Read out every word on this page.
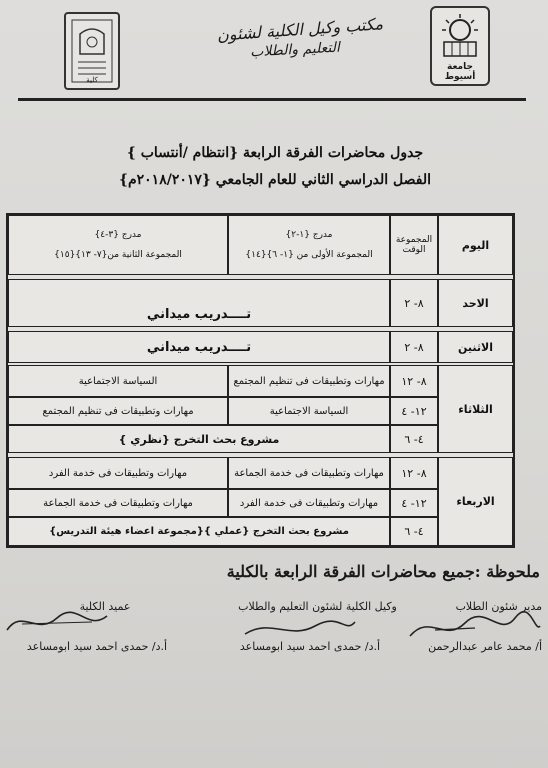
جامعة أسيوط
كلية
مكتب وكيل الكلية لشئون
التعليم والطلاب
جدول محاضرات الفرقة الرابعة {انتظام /أنتساب }
الفصل الدراسي الثاني للعام الجامعي {٢٠١٨/٢٠١٧م}
اليوم
المجموعة
الوقت
مدرج {١-٢}
المجموعة الأولى من {١- ٦}{١٤}
مدرج {٣-٤}
المجموعة الثانية من{٧- ١٣}{١٥}
الاحد
٨- ٢
تــــدريب ميداني
الاثنين
٨- ٢
تــــدريب ميداني
الثلاثاء
٨- ١٢
مهارات وتطبيقات فى تنظيم المجتمع
السياسة الاجتماعية
١٢- ٤
السياسة الاجتماعية
مهارات وتطبيقات فى تنظيم المجتمع
٤- ٦
مشروع بحث التخرج {نظري }
الاربعاء
٨- ١٢
مهارات وتطبيقات فى خدمة الجماعة
مهارات وتطبيقات فى خدمة الفرد
١٢- ٤
مهارات وتطبيقات فى خدمة الفرد
مهارات وتطبيقات فى خدمة الجماعة
٤- ٦
مشروع بحث التخرج {عملي }{مجموعة اعضاء هيئة التدريس}
ملحوظة :جميع محاضرات الفرقة الرابعة بالكلية
مدير شئون الطلاب
أ/ محمد عامر عبدالرحمن
وكيل الكلية لشئون التعليم والطلاب
أ.د/ حمدى احمد سيد ابومساعد
عميد الكلية
أ.د/ حمدى احمد سيد ابومساعد
